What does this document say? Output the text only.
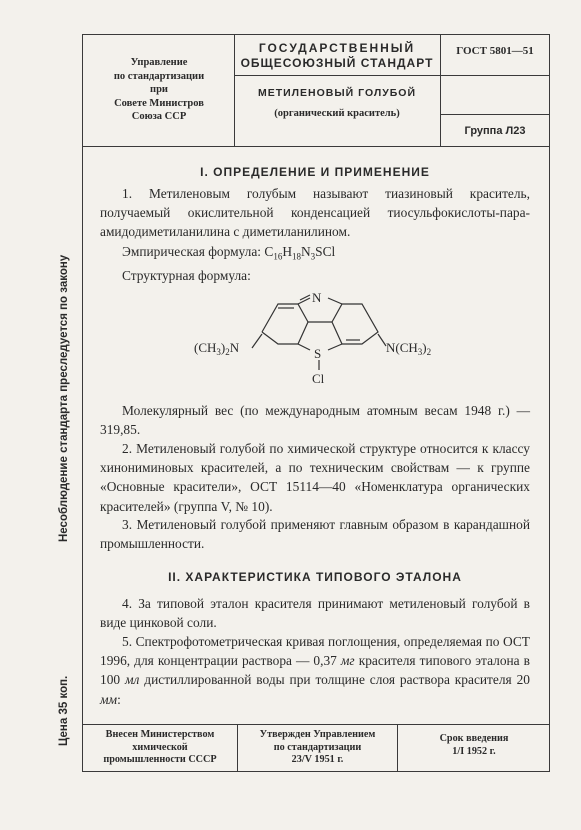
Управление
по стандартизации
при
Совете Министров
Союза ССР
ГОСУДАРСТВЕННЫЙ
ОБЩЕСОЮЗНЫЙ СТАНДАРТ
МЕТИЛЕНОВЫЙ ГОЛУБОЙ
(органический краситель)
ГОСТ 5801—51
Группа Л23
Несоблюдение стандарта преследуется по закону
Цена 35 коп.
I. ОПРЕДЕЛЕНИЕ И ПРИМЕНЕНИЕ
1. Метиленовым голубым называют тиазиновый краситель, получаемый окислительной конденсацией тиосульфокислоты-пара-амидодиметиланилина с диметиланилином.
Эмпирическая формула: $C_{16}H_{18}N_3SCl$
Структурная формула:
N
S
Cl
$(CH_3)_2N$	$N(CH_3)_2$
Молекулярный вес (по международным атомным весам 1948 г.) — 319,85.
2. Метиленовый голубой по химической структуре относится к классу хинониминовых красителей, а по техническим свойствам — к группе «Основные красители», ОСТ 15114—40 «Номенклатура органических красителей» (группа V, № 10).
3. Метиленовый голубой применяют главным образом в карандашной промышленности.
II. ХАРАКТЕРИСТИКА ТИПОВОГО ЭТАЛОНА
4. За типовой эталон красителя принимают метиленовый голубой в виде цинковой соли.
5. Спектрофотометрическая кривая поглощения, определяемая по ОСТ 1996, для концентрации раствора — 0,37 мг красителя типового эталона в 100 мл дистиллированной воды при толщине слоя раствора красителя 20 мм:
Внесен Министерством
химической
промышленности СССР
Утвержден Управлением
по стандартизации
23/V 1951 г.
Срок введения
1/I 1952 г.
